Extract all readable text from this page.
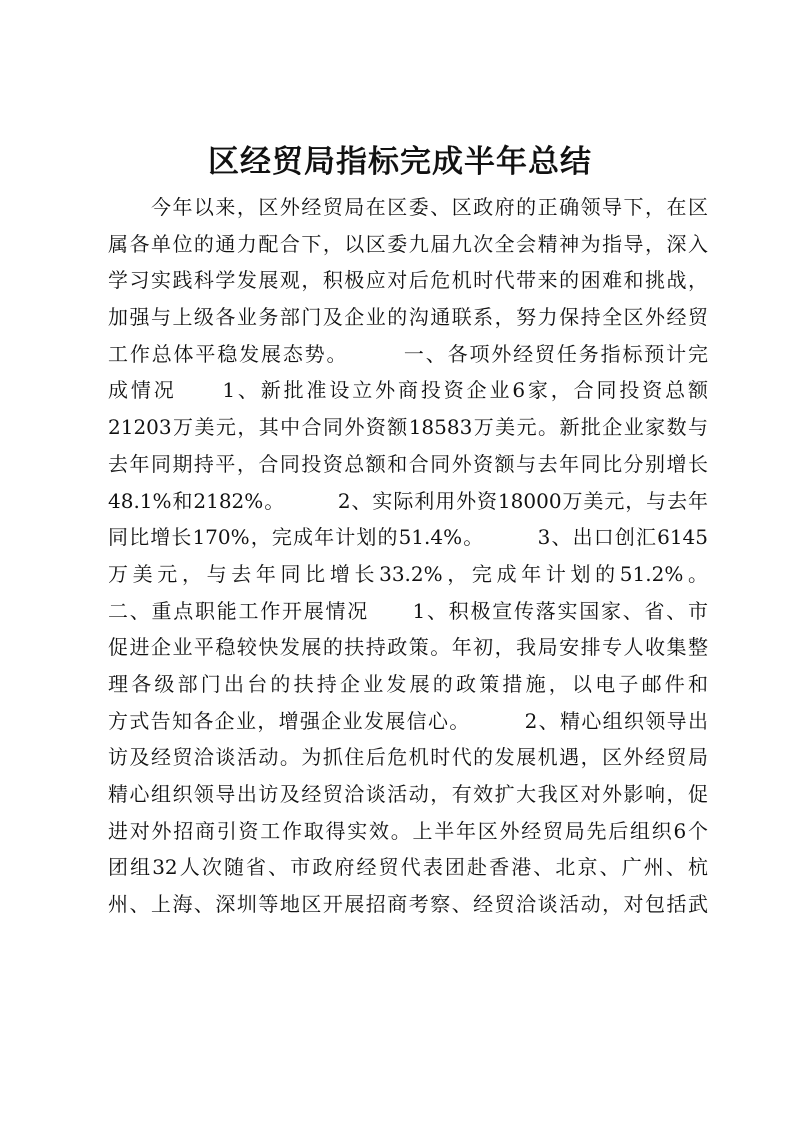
区经贸局指标完成半年总结
　　今年以来，区外经贸局在区委、区政府的正确领导下，在区
属各单位的通力配合下，以区委九届九次全会精神为指导，深入
学习实践科学发展观，积极应对后危机时代带来的困难和挑战，
加强与上级各业务部门及企业的沟通联系，努力保持全区外经贸
工作总体平稳发展态势。　　　一、各项外经贸任务指标预计完
成情况　　1、新批准设立外商投资企业6家，合同投资总额
21203万美元，其中合同外资额18583万美元。新批企业家数与
去年同期持平，合同投资总额和合同外资额与去年同比分别增长
48.1%和2182%。　　　2、实际利用外资18000万美元，与去年
同比增长170%，完成年计划的51.4%。　　　3、出口创汇6145
万美元，与去年同比增长33.2%，完成年计划的51.2%。
二、重点职能工作开展情况　　1、积极宣传落实国家、省、市
促进企业平稳较快发展的扶持政策。年初，我局安排专人收集整
理各级部门出台的扶持企业发展的政策措施，以电子邮件和
方式告知各企业，增强企业发展信心。　　　2、精心组织领导出
访及经贸洽谈活动。为抓住后危机时代的发展机遇，区外经贸局
精心组织领导出访及经贸洽谈活动，有效扩大我区对外影响，促
进对外招商引资工作取得实效。上半年区外经贸局先后组织6个
团组32人次随省、市政府经贸代表团赴香港、北京、广州、杭
州、上海、深圳等地区开展招商考察、经贸洽谈活动，对包括武
